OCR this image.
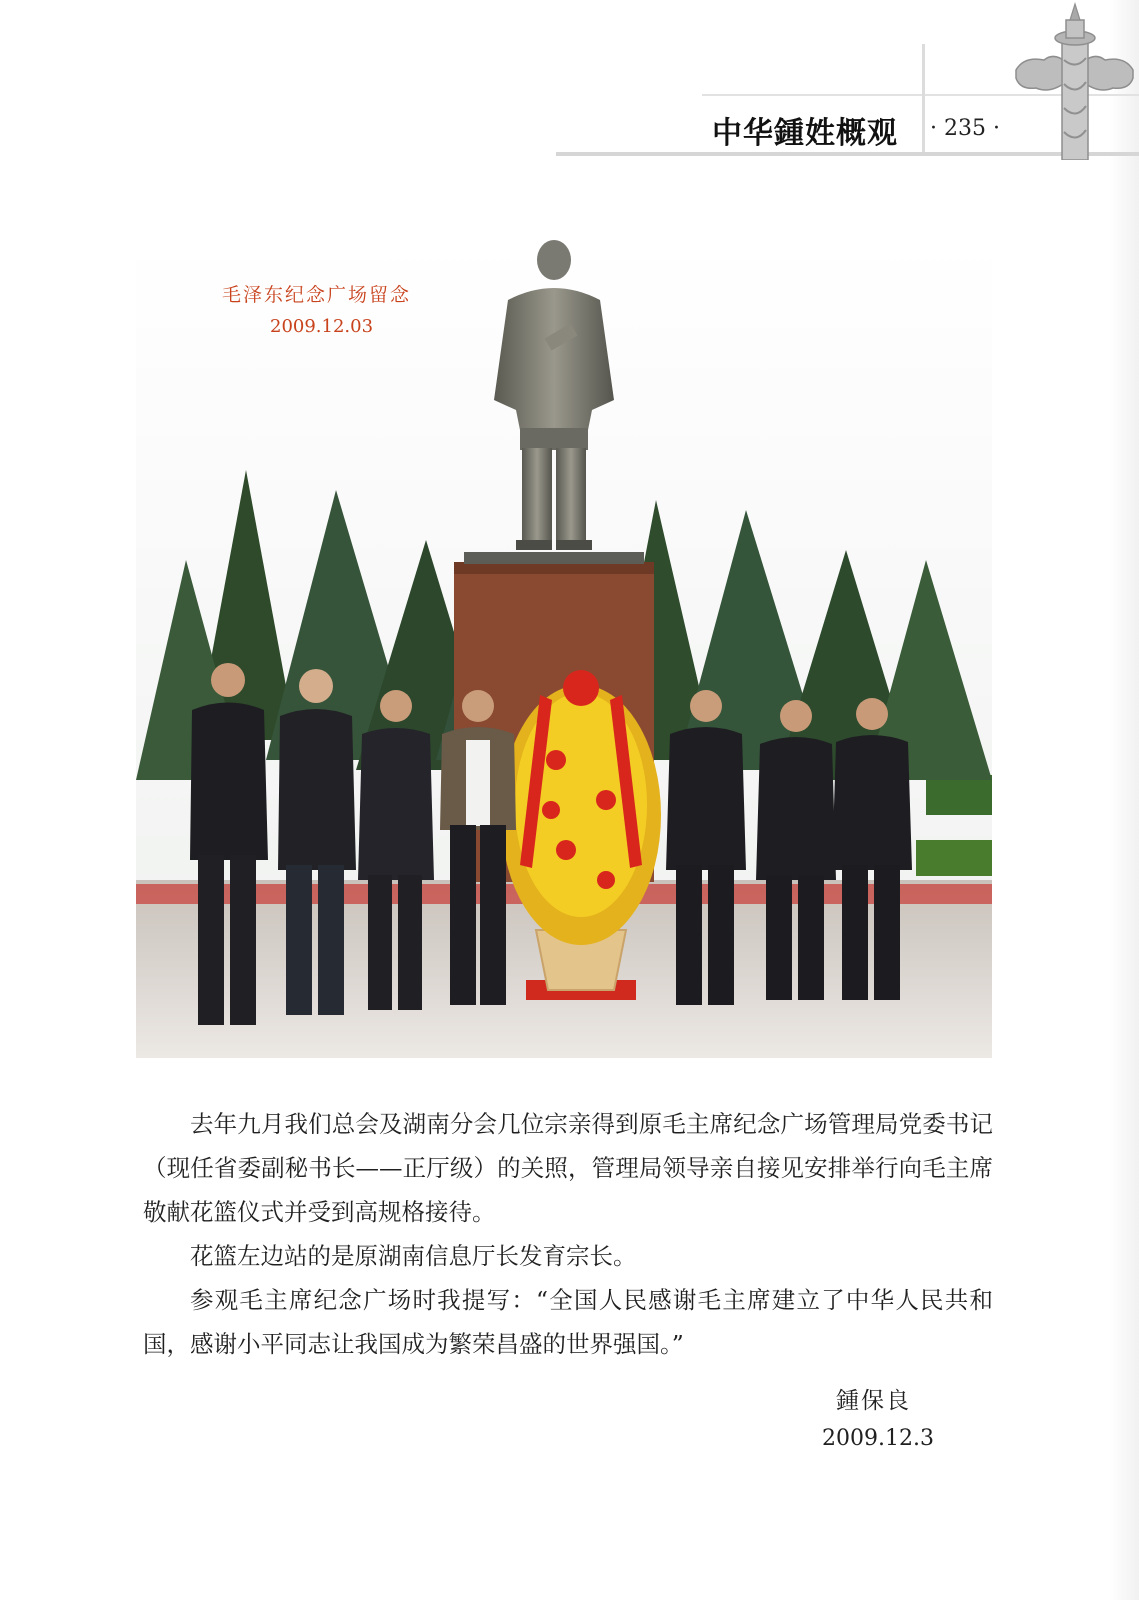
中华鍾姓概观 · 235 ·
毛泽东纪念广场留念
2009.12.03

去年九月我们总会及湖南分会几位宗亲得到原毛主席纪念广场管理局党委书记（现任省委副秘书长——正厅级）的关照，管理局领导亲自接见安排举行向毛主席敬献花篮仪式并受到高规格接待。

花篮左边站的是原湖南信息厅长发育宗长。

参观毛主席纪念广场时我提写：“全国人民感谢毛主席建立了中华人民共和国，感谢小平同志让我国成为繁荣昌盛的世界强国。”

鍾保良
2009.12.3
